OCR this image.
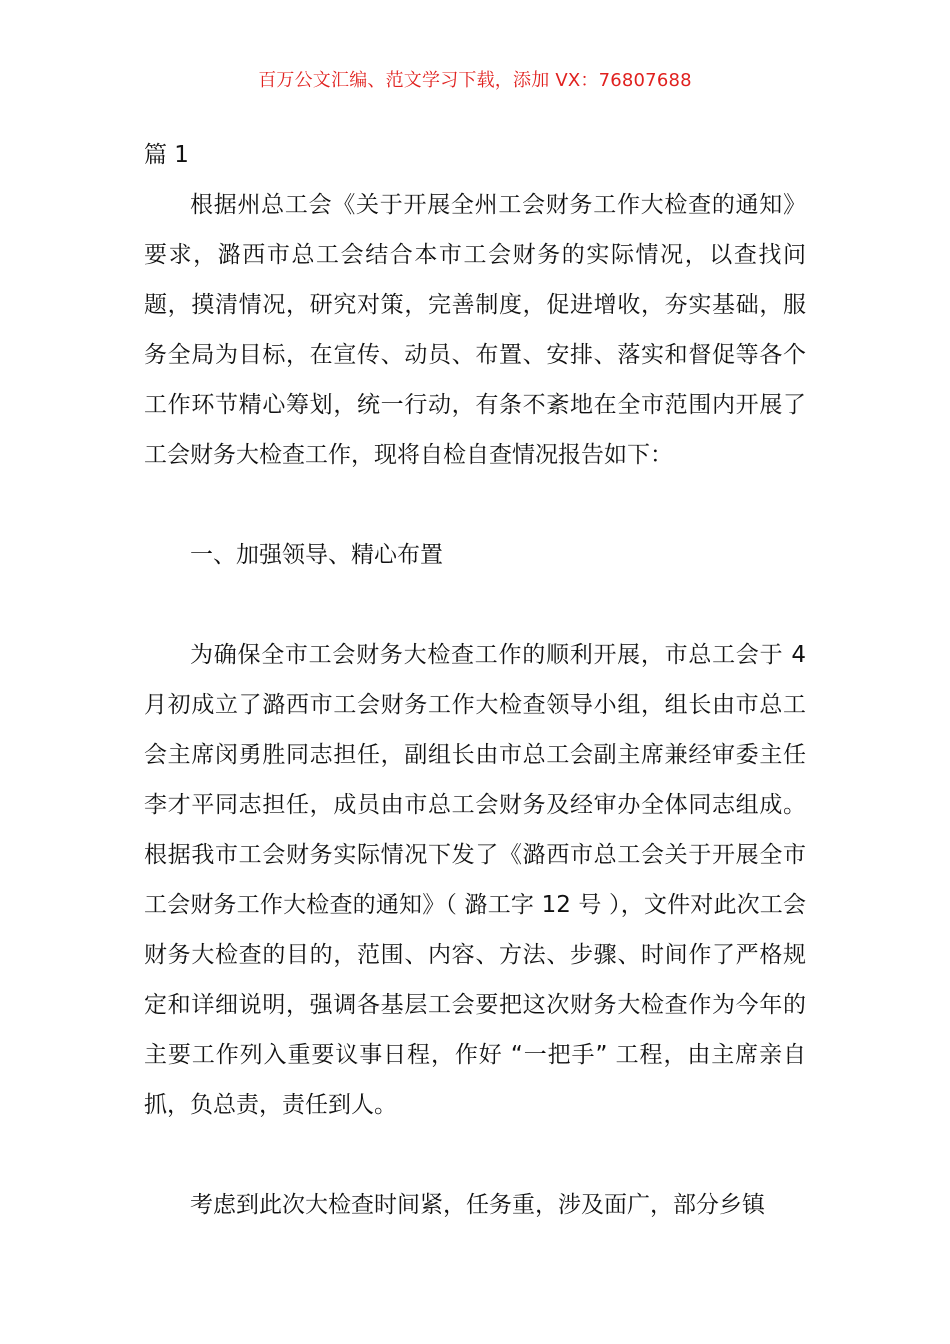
百万公文汇编、范文学习下载，添加 VX：76807688

篇 1

根据州总工会《关于开展全州工会财务工作大检查的通知》要求，潞西市总工会结合本市工会财务的实际情况，以查找问题，摸清情况，研究对策，完善制度，促进增收，夯实基础，服务全局为目标，在宣传、动员、布置、安排、落实和督促等各个工作环节精心筹划，统一行动，有条不紊地在全市范围内开展了工会财务大检查工作，现将自检自查情况报告如下：

一、加强领导、精心布置

为确保全市工会财务大检查工作的顺利开展，市总工会于 4 月初成立了潞西市工会财务工作大检查领导小组，组长由市总工会主席闵勇胜同志担任，副组长由市总工会副主席兼经审委主任李才平同志担任，成员由市总工会财务及经审办全体同志组成。根据我市工会财务实际情况下发了《潞西市总工会关于开展全市工会财务工作大检查的通知》（ 潞工字 12 号 ），文件对此次工会财务大检查的目的，范围、内容、方法、步骤、时间作了严格规定和详细说明，强调各基层工会要把这次财务大检查作为今年的主要工作列入重要议事日程，作好 “一把手” 工程，由主席亲自抓，负总责，责任到人。

考虑到此次大检查时间紧，任务重，涉及面广，部分乡镇
